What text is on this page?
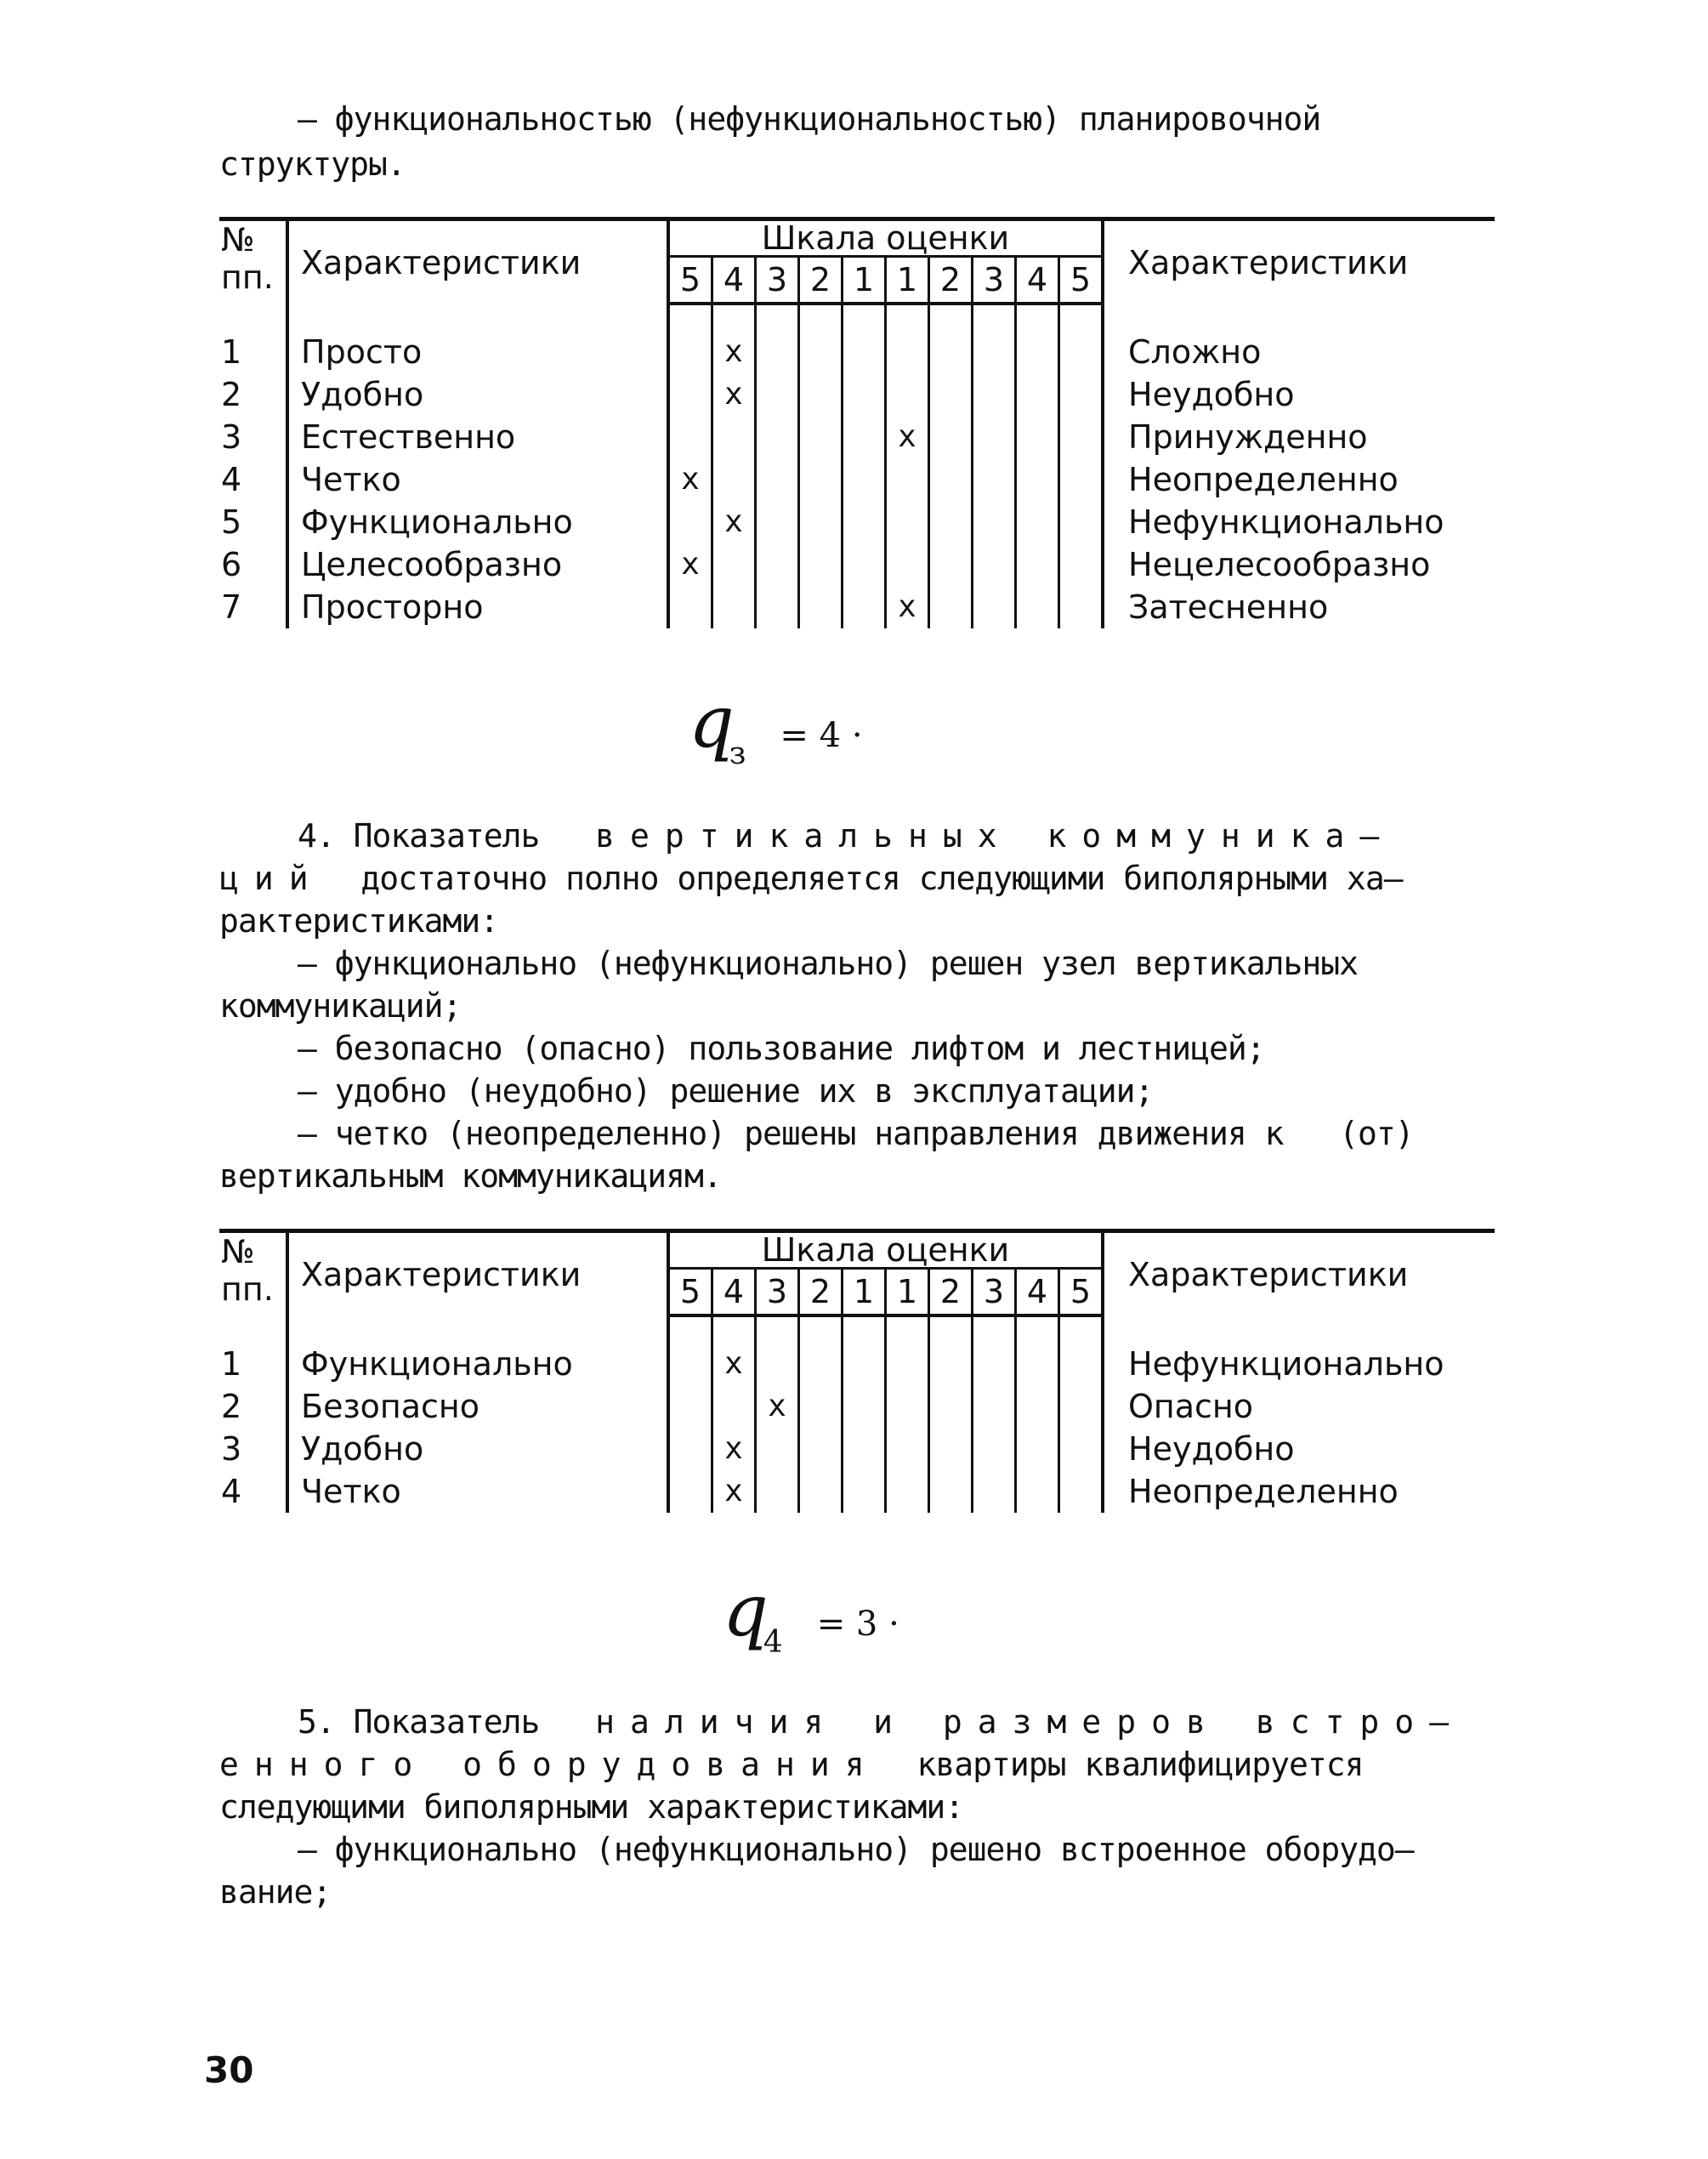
– функциональностью (нефункциональностью) планировочной

структуры.

№
пп.	Характеристики	Шкала оценки										Характеристики
		5	4	3	2	1	1	2	3	4	5	

1	Просто		x									Сложно
2	Удобно		x									Неудобно
3	Естественно						x					Принужденно
4	Четко	x										Неопределенно
5	Функционально		x									Нефункционально
6	Целесообразно	x										Нецелесообразно
7	Просторно						x					Затесненно
qз = 4 ·

4. Показатель вертикальных коммуника–

ций достаточно полно определяется следующими биполярными ха–

рактеристиками:

– функционально (нефункционально) решен узел вертикальных

коммуникаций;

– безопасно (опасно) пользование лифтом и лестницей;

– удобно (неудобно) решение их в эксплуатации;

– четко (неопределенно) решены направления движения к   (от)

вертикальным коммуникациям.

№
пп.	Характеристики	Шкала оценки										Характеристики
		5	4	3	2	1	1	2	3	4	5	

1	Функционально		x									Нефункционально
2	Безопасно			x								Опасно
3	Удобно		x									Неудобно
4	Четко		x									Неопределенно
q4 = 3 ·

5. Показатель наличия и размеров встро–

енного оборудования квартиры квалифицируется

следующими биполярными характеристиками:

– функционально (нефункционально) решено встроенное оборудо–

вание;

30
